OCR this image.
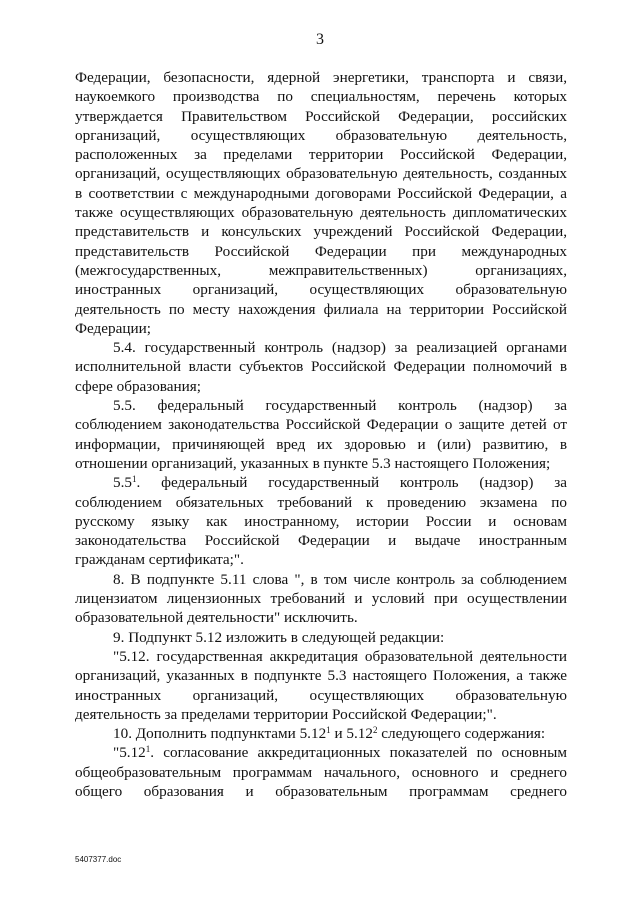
3

Федерации, безопасности, ядерной энергетики, транспорта и связи, наукоемкого производства по специальностям, перечень которых утверждается Правительством Российской Федерации, российских организаций, осуществляющих образовательную деятельность, расположенных за пределами территории Российской Федерации, организаций, осуществляющих образовательную деятельность, созданных в соответствии с международными договорами Российской Федерации, а также осуществляющих образовательную деятельность дипломатических представительств и консульских учреждений Российской Федерации, представительств Российской Федерации при международных (межгосударственных, межправительственных) организациях, иностранных организаций, осуществляющих образовательную деятельность по месту нахождения филиала на территории Российской Федерации;

5.4. государственный контроль (надзор) за реализацией органами исполнительной власти субъектов Российской Федерации полномочий в сфере образования;

5.5. федеральный государственный контроль (надзор) за соблюдением законодательства Российской Федерации о защите детей от информации, причиняющей вред их здоровью и (или) развитию, в отношении организаций, указанных в пункте 5.3 настоящего Положения;

$5.5^1$. федеральный государственный контроль (надзор) за соблюдением обязательных требований к проведению экзамена по русскому языку как иностранному, истории России и основам законодательства Российской Федерации и выдаче иностранным гражданам сертификата;".

8. В подпункте 5.11 слова ", в том числе контроль за соблюдением лицензиатом лицензионных требований и условий при осуществлении образовательной деятельности" исключить.

9. Подпункт 5.12 изложить в следующей редакции:

"5.12. государственная аккредитация образовательной деятельности организаций, указанных в подпункте 5.3 настоящего Положения, а также иностранных организаций, осуществляющих образовательную деятельность за пределами территории Российской Федерации;".

10. Дополнить подпунктами 5.12$^1$ и 5.12$^2$ следующего содержания:

"5.12$^1$. согласование аккредитационных показателей по основным общеобразовательным программам начального, основного и среднего общего образования и образовательным программам среднего

5407377.doc
